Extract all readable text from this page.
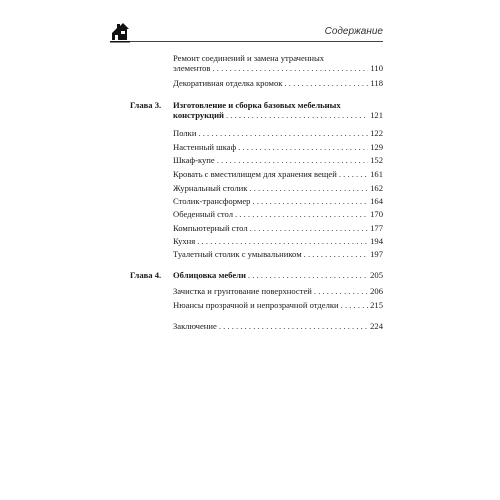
Содержание
Ремонт соединений и замена утраченных
элементов . . .	110
Декоративная отделка кромок . . .	118
Глава 3. Изготовление и сборка базовых мебельных
конструкций . . .	121
Полки . . .	122
Настенный шкаф . . .	129
Шкаф-купе . . .	152
Кровать с вместилищем для хранения вещей . . .	161
Журнальный столик . . .	162
Столик-трансформер . . .	164
Обеденный стол . . .	170
Компьютерный стол . . .	177
Кухня . . .	194
Туалетный столик с умывальником . . .	197
Глава 4. Облицовка мебели . . .	205
Зачистка и грунтование поверхностей . . .	206
Нюансы прозрачной и непрозрачной отделки . . .	215
Заключение . . .	224
